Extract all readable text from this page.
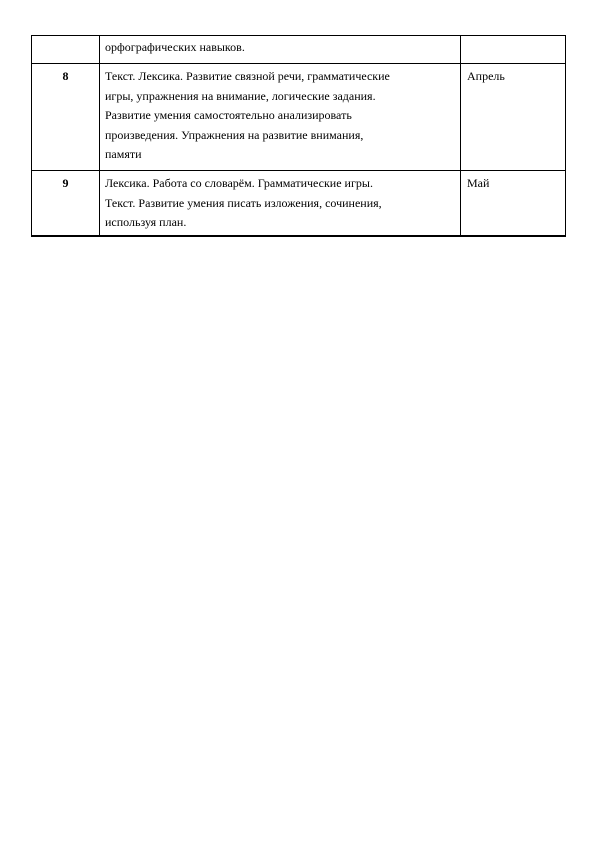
	орфографических навыков.	

8	Текст. Лексика. Развитие связной речи, грамматические
игры, упражнения на внимание, логические задания.
Развитие умения самостоятельно анализировать
произведения. Упражнения на развитие внимания,
памяти	Апрель
9	Лексика. Работа со словарём. Грамматические игры.
Текст. Развитие умения писать изложения, сочинения,
используя план.	Май
